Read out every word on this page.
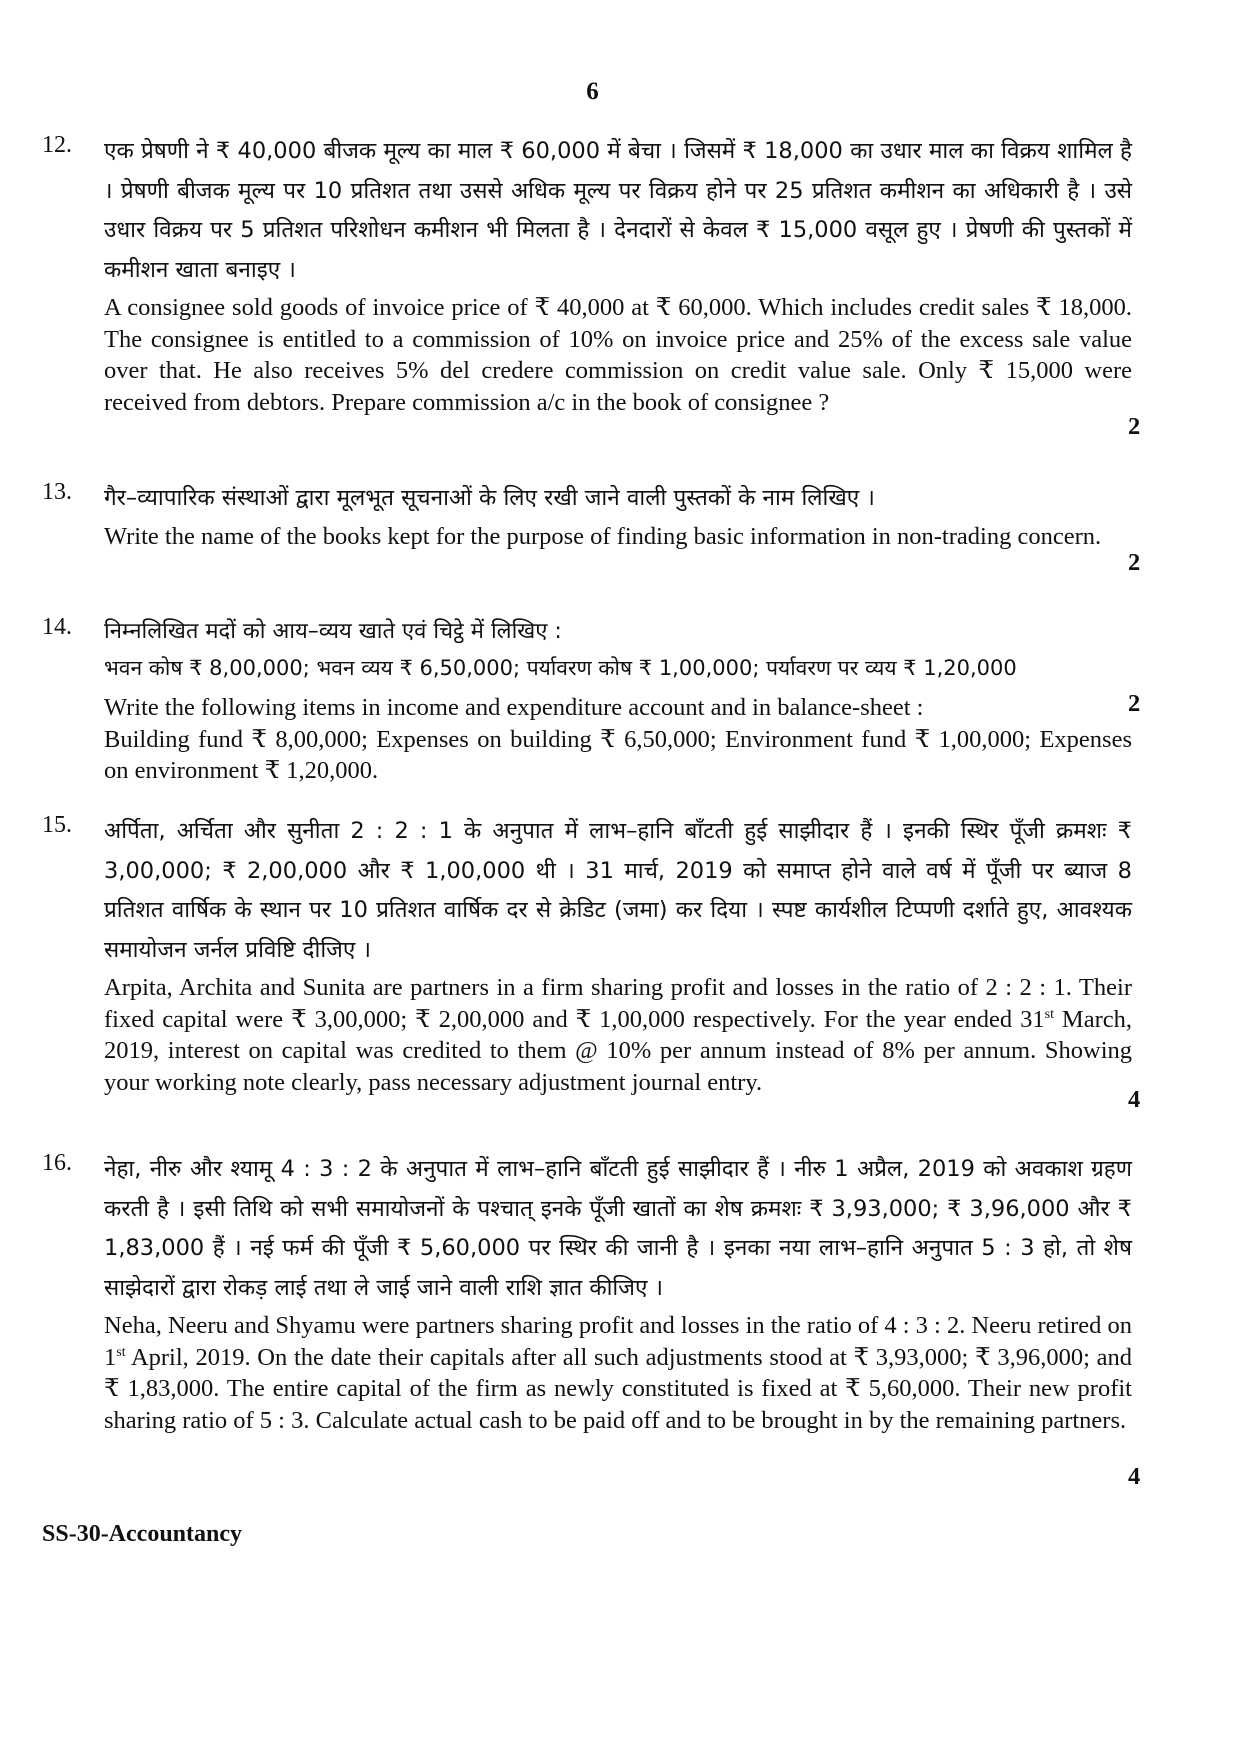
6
12. एक प्रेषणी ने ₹ 40,000 बीजक मूल्य का माल ₹ 60,000 में बेचा । जिसमें ₹ 18,000 का उधार माल का विक्रय शामिल है । प्रेषणी बीजक मूल्य पर 10 प्रतिशत तथा उससे अधिक मूल्य पर विक्रय होने पर 25 प्रतिशत कमीशन का अधिकारी है । उसे उधार विक्रय पर 5 प्रतिशत परिशोधन कमीशन भी मिलता है । देनदारों से केवल ₹ 15,000 वसूल हुए । प्रेषणी की पुस्तकों में कमीशन खाता बनाइए ।

A consignee sold goods of invoice price of ₹ 40,000 at ₹ 60,000. Which includes credit sales ₹ 18,000. The consignee is entitled to a commission of 10% on invoice price and 25% of the excess sale value over that. He also receives 5% del credere commission on credit value sale. Only ₹ 15,000 were received from debtors. Prepare commission a/c in the book of consignee ?

2
13. गैर–व्यापारिक संस्थाओं द्वारा मूलभूत सूचनाओं के लिए रखी जाने वाली पुस्तकों के नाम लिखिए ।

Write the name of the books kept for the purpose of finding basic information in non-trading concern.

2
14. निम्नलिखित मदों को आय–व्यय खाते एवं चिट्ठे में लिखिए :

भवन कोष ₹ 8,00,000; भवन व्यय ₹ 6,50,000; पर्यावरण कोष ₹ 1,00,000; पर्यावरण पर व्यय ₹ 1,20,000

Write the following items in income and expenditure account and in balance-sheet :

Building fund ₹ 8,00,000; Expenses on building ₹ 6,50,000; Environment fund ₹ 1,00,000; Expenses on environment ₹ 1,20,000.

2
15. अर्पिता, अर्चिता और सुनीता 2 : 2 : 1 के अनुपात में लाभ–हानि बाँटती हुई साझीदार हैं । इनकी स्थिर पूँजी क्रमशः ₹ 3,00,000; ₹ 2,00,000 और ₹ 1,00,000 थी । 31 मार्च, 2019 को समाप्त होने वाले वर्ष में पूँजी पर ब्याज 8 प्रतिशत वार्षिक के स्थान पर 10 प्रतिशत वार्षिक दर से क्रेडिट (जमा) कर दिया । स्पष्ट कार्यशील टिप्पणी दर्शाते हुए, आवश्यक समायोजन जर्नल प्रविष्टि दीजिए ।

Arpita, Archita and Sunita are partners in a firm sharing profit and losses in the ratio of 2 : 2 : 1. Their fixed capital were ₹ 3,00,000; ₹ 2,00,000 and ₹ 1,00,000 respectively. For the year ended 31st March, 2019, interest on capital was credited to them @ 10% per annum instead of 8% per annum. Showing your working note clearly, pass necessary adjustment journal entry.

4
16. नेहा, नीरु और श्यामू 4 : 3 : 2 के अनुपात में लाभ–हानि बाँटती हुई साझीदार हैं । नीरु 1 अप्रैल, 2019 को अवकाश ग्रहण करती है । इसी तिथि को सभी समायोजनों के पश्चात् इनके पूँजी खातों का शेष क्रमशः ₹ 3,93,000; ₹ 3,96,000 और ₹ 1,83,000 हैं । नई फर्म की पूँजी ₹ 5,60,000 पर स्थिर की जानी है । इनका नया लाभ–हानि अनुपात 5 : 3 हो, तो शेष साझेदारों द्वारा रोकड़ लाई तथा ले जाई जाने वाली राशि ज्ञात कीजिए ।

Neha, Neeru and Shyamu were partners sharing profit and losses in the ratio of 4 : 3 : 2. Neeru retired on 1st April, 2019. On the date their capitals after all such adjustments stood at ₹ 3,93,000; ₹ 3,96,000; and ₹ 1,83,000. The entire capital of the firm as newly constituted is fixed at ₹ 5,60,000. Their new profit sharing ratio of 5 : 3. Calculate actual cash to be paid off and to be brought in by the remaining partners.

4
SS-30-Accountancy
